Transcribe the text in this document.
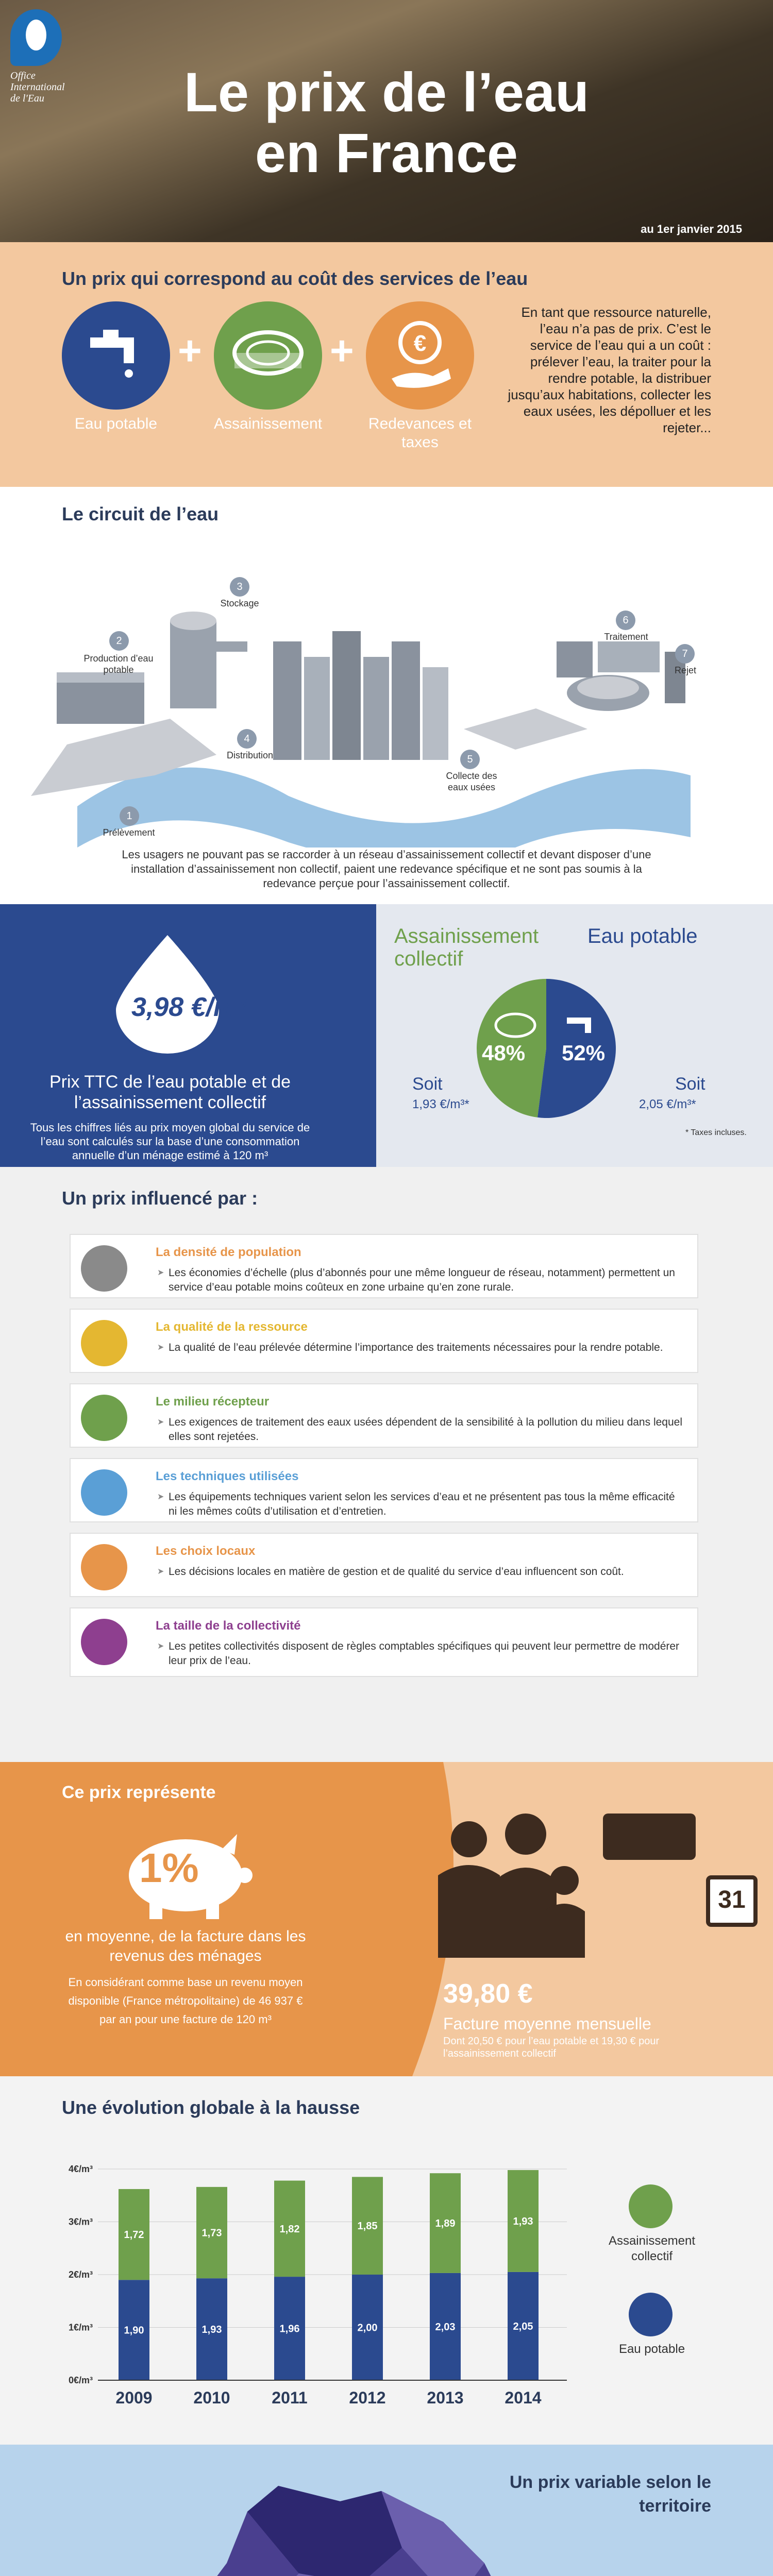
Office International de l'Eau	Le prix de l’eau
en France
au 1er janvier 2015
Un prix qui correspond au coût des services de l’eau
Eau potable
+
Assainissement
+	€
Redevances et taxes
En tant que ressource naturelle, l’eau n’a pas de prix. C’est le service de l’eau qui a un coût : prélever l’eau, la traiter pour la rendre potable, la distribuer jusqu’aux habitations, collecter les eaux usées, les dépolluer et les rejeter...
Le circuit de l’eau
1
Prélèvement
2
Production d’eau potable
3
Stockage
4
Distribution	5
Collecte des eaux usées
6
Traitement
7
Rejet
Les usagers ne pouvant pas se raccorder à un réseau d’assainissement collectif et devant disposer d’une installation d’assainissement non collectif, paient une redevance spécifique et ne sont pas soumis à la redevance perçue pour l’assainissement collectif.
3,98 €/m³
Prix TTC de l’eau potable et de l’assainissement collectif
Tous les chiffres liés au prix moyen global du service de l’eau sont calculés sur la base d’une consommation annuelle d’un ménage estimé à 120 m³
Assainissement collectif
Eau potable
48% 52%
Soit
1,93 €/m³*
Soit
2,05 €/m³*
* Taxes incluses.
Un prix influencé par :
La densité de population
➤ Les économies d’échelle (plus d’abonnés pour une même longueur de réseau, notamment) permettent un service d’eau potable moins coûteux en zone urbaine qu’en zone rurale.
La qualité de la ressource
➤ La qualité de l’eau prélevée détermine l’importance des traitements nécessaires pour la rendre potable.
Le milieu récepteur
➤ Les exigences de traitement des eaux usées dépendent de la sensibilité à la pollution du milieu dans lequel elles sont rejetées.
Les techniques utilisées
➤ Les équipements techniques varient selon les services d’eau et ne présentent pas tous la même efficacité ni les mêmes coûts d’utilisation et d’entretien.
Les choix locaux
➤ Les décisions locales en matière de gestion et de qualité du service d’eau influencent son coût.
La taille de la collectivité
➤ Les petites collectivités disposent de règles comptables spécifiques qui peuvent leur permettre de modérer leur prix de l’eau.
Ce prix représente
1%
en moyenne, de la facture dans les revenus des ménages
En considérant comme base un revenu moyen disponible (France métropolitaine) de 46 937 € par an pour une facture de 120 m³
31
39,80 €
Facture moyenne mensuelle
Dont 20,50 € pour l’eau potable et 19,30 € pour l’assainissement collectif
Une évolution globale à la hausse
4€/m³
3€/m³
2€/m³
1€/m³
0€/m³
1,90
1,72
2009
1,93
1,73
2010
1,96
1,82
2011
2,00
1,85
2012
2,03
1,89
2013
2,05
1,93
2014
Assainissement collectif
Eau potable
Un prix variable selon le territoire
